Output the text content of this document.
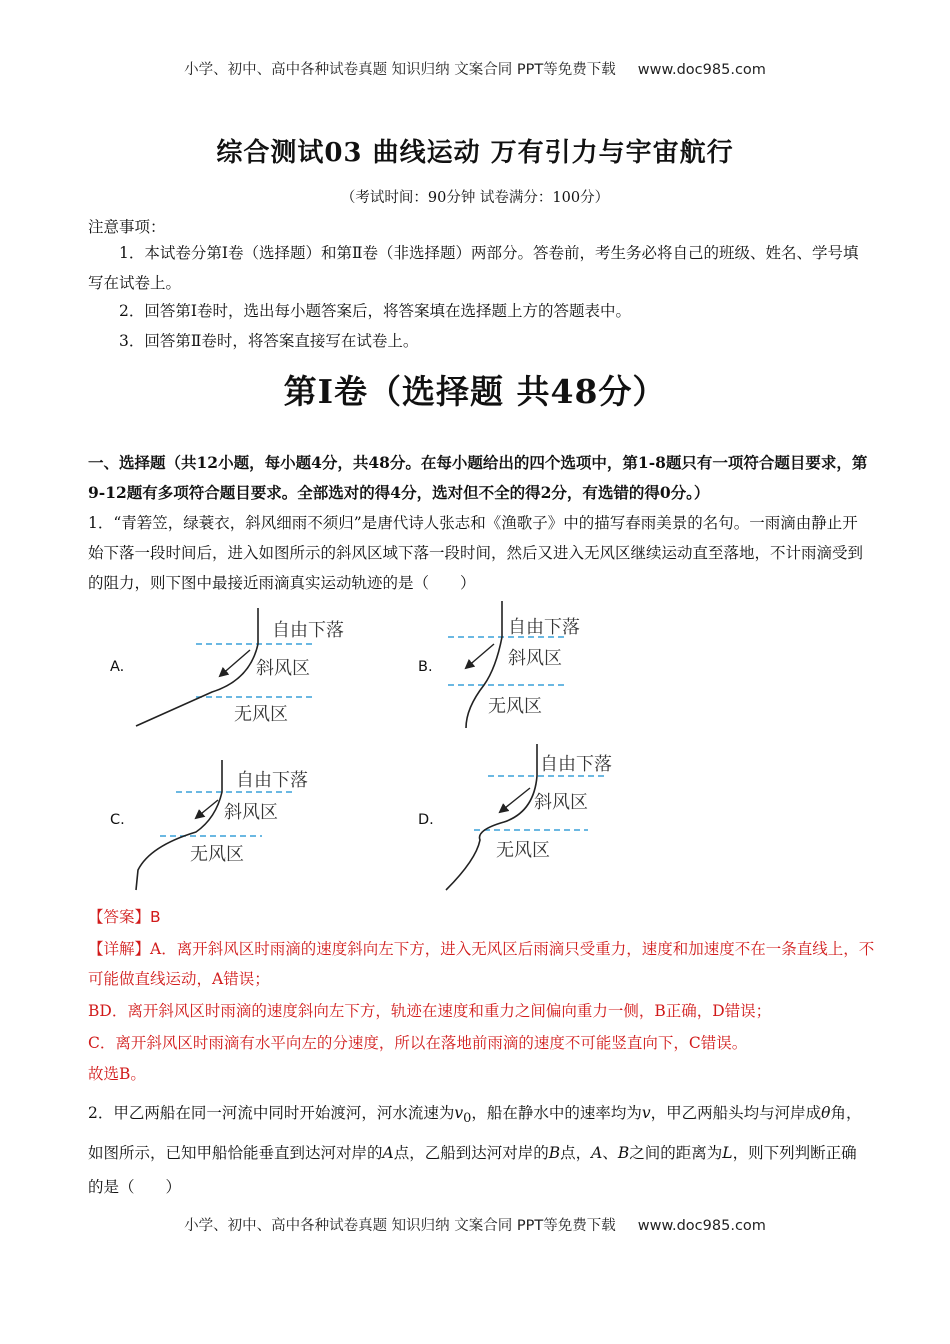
小学、初中、高中各种试卷真题 知识归纳 文案合同 PPT等免费下载 www.doc985.com
综合测试03 曲线运动 万有引力与宇宙航行
（考试时间：90分钟 试卷满分：100分）
注意事项：
1．本试卷分第Ⅰ卷（选择题）和第Ⅱ卷（非选择题）两部分。答卷前，考生务必将自己的班级、姓名、学号填写在试卷上。
2．回答第Ⅰ卷时，选出每小题答案后，将答案填在选择题上方的答题表中。
3．回答第Ⅱ卷时，将答案直接写在试卷上。
第Ⅰ卷（选择题 共48分）
一、选择题（共12小题，每小题4分，共48分。在每小题给出的四个选项中，第1-8题只有一项符合题目要求，第9-12题有多项符合题目要求。全部选对的得4分，选对但不全的得2分，有选错的得0分。）
1．“青箬笠，绿蓑衣，斜风细雨不须归”是唐代诗人张志和《渔歌子》中的描写春雨美景的名句。一雨滴由静止开始下落一段时间后，进入如图所示的斜风区域下落一段时间，然后又进入无风区继续运动直至落地，不计雨滴受到的阻力，则下图中最接近雨滴真实运动轨迹的是（　　）
A.	B.
C.	D.
自由下落
斜风区
无风区
自由下落
斜风区
无风区
自由下落
斜风区
无风区
自由下落
斜风区
无风区
【答案】B
【详解】A．离开斜风区时雨滴的速度斜向左下方，进入无风区后雨滴只受重力，速度和加速度不在一条直线上，不可能做直线运动，A错误；
BD．离开斜风区时雨滴的速度斜向左下方，轨迹在速度和重力之间偏向重力一侧，B正确，D错误；
C．离开斜风区时雨滴有水平向左的分速度，所以在落地前雨滴的速度不可能竖直向下，C错误。
故选B。
2．甲乙两船在同一河流中同时开始渡河，河水流速为$v_0$，船在静水中的速率均为v，甲乙两船头均与河岸成θ角，如图所示，已知甲船恰能垂直到达河对岸的A点，乙船到达河对岸的B点，A、B之间的距离为L，则下列判断正确的是（　　）
小学、初中、高中各种试卷真题 知识归纳 文案合同 PPT等免费下载 www.doc985.com
